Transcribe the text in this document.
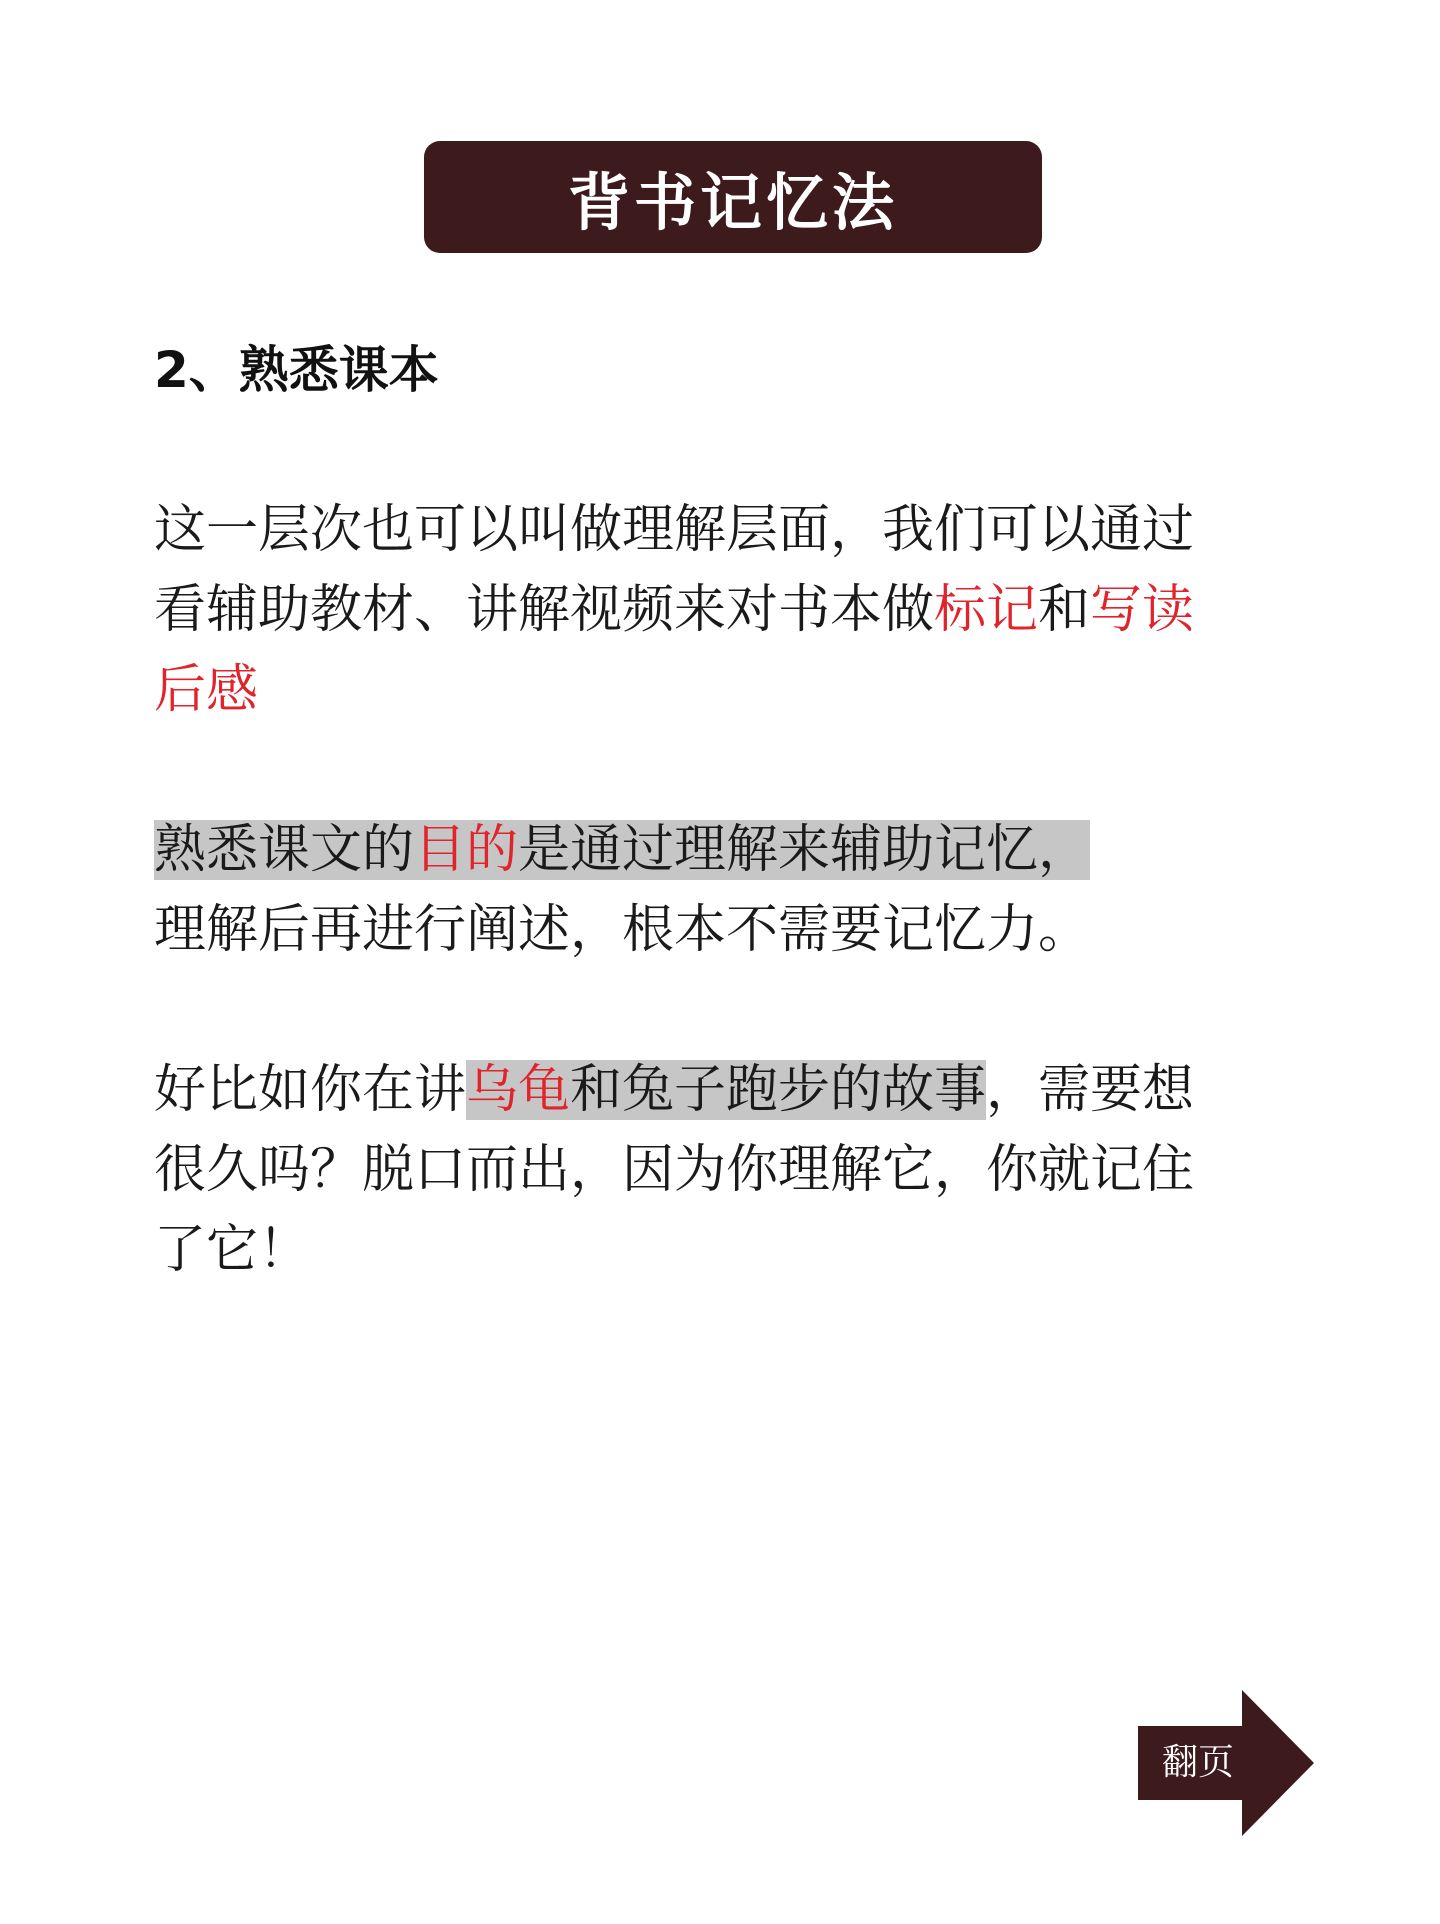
背书记忆法
2、熟悉课本
这一层次也可以叫做理解层面，我们可以通过
看辅助教材、讲解视频来对书本做标记和写读
后感
熟悉课文的目的是通过理解来辅助记忆，
理解后再进行阐述，根本不需要记忆力。
好比如你在讲乌龟和兔子跑步的故事，需要想
很久吗？脱口而出，因为你理解它，你就记住
了它！
翻页
